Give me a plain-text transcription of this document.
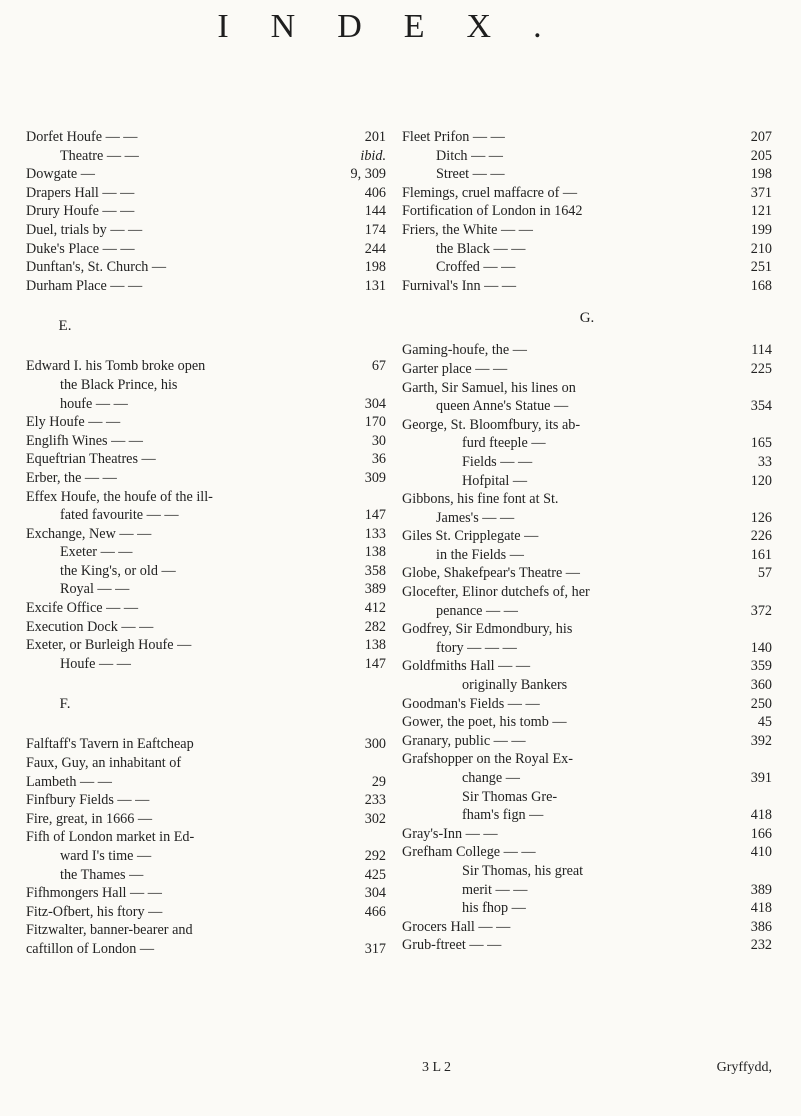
INDEX.
Dorfet Houfe — —	201
Theatre — —	ibid.
Dowgate —	9, 309
Drapers Hall — —	406
Drury Houfe — —	144
Duel, trials by — —	174
Duke's Place — —	244
Dunftan's, St. Church —	198
Durham Place — —	131
E.
Edward I. his Tomb broke open	67
the Black Prince, his
houfe — —	304
Ely Houfe — —	170
Englifh Wines — —	30
Equeftrian Theatres —	36
Erber, the — —	309
Effex Houfe, the houfe of the ill-
fated favourite — —	147
Exchange, New — —	133
Exeter — —	138
the King's, or old —	358
Royal — —	389
Excife Office — —	412
Execution Dock — —	282
Exeter, or Burleigh Houfe —	138
Houfe — —	147
F.
Falftaff's Tavern in Eaftcheap	300
Faux, Guy, an inhabitant of
Lambeth — —	29
Finfbury Fields — —	233
Fire, great, in 1666 —	302
Fifh of London market in Ed-
ward I's time —	292
the Thames —	425
Fifhmongers Hall — —	304
Fitz-Ofbert, his ftory —	466
Fitzwalter, banner-bearer and
caftillon of London —	317
Fleet Prifon — —	207
Ditch — —	205
Street — —	198
Flemings, cruel maffacre of —	371
Fortification of London in 1642	121
Friers, the White — —	199
the Black — —	210
Croffed — —	251
Furnival's Inn — —	168
G.
Gaming-houfe, the —	114
Garter place — —	225
Garth, Sir Samuel, his lines on
queen Anne's Statue —	354
George, St. Bloomfbury, its ab-
furd fteeple —	165
Fields — —	33
Hofpital —	120
Gibbons, his fine font at St.
James's — —	126
Giles St. Cripplegate —	226
in the Fields —	161
Globe, Shakefpear's Theatre —	57
Glocefter, Elinor dutchefs of, her
penance — —	372
Godfrey, Sir Edmondbury, his
ftory — — —	140
Goldfmiths Hall — —	359
originally Bankers	360
Goodman's Fields — —	250
Gower, the poet, his tomb —	45
Granary, public — —	392
Grafshopper on the Royal Ex-
change —	391
Sir Thomas Gre-
fham's fign —	418
Gray's-Inn — —	166
Grefham College — —	410
Sir Thomas, his great
merit — —	389
his fhop —	418
Grocers Hall — —	386
Grub-ftreet — —	232
3 L 2	Gryffydd,
